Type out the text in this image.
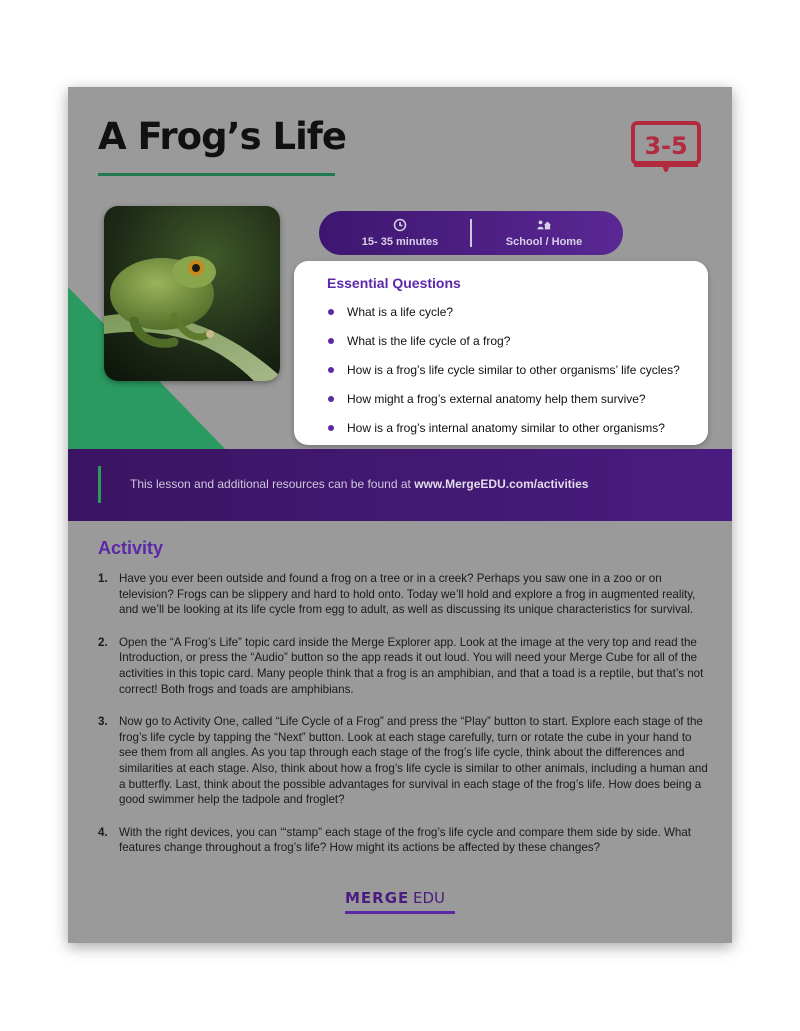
A Frog’s Life	3-5
15- 35 minutes	School / Home
Essential Questions
What is a life cycle?
What is the life cycle of a frog?
How is a frog’s life cycle similar to other organisms’ life cycles?
How might a frog’s external anatomy help them survive?
How is a frog’s internal anatomy similar to other organisms?
This lesson and additional resources can be found at www.MergeEDU.com/activities
Activity
1. Have you ever been outside and found a frog on a tree or in a creek? Perhaps you saw one in a zoo or on television? Frogs can be slippery and hard to hold onto. Today we’ll hold and explore a frog in augmented reality, and we’ll be looking at its life cycle from egg to adult, as well as discussing its unique characteristics for survival.
2. Open the “A Frog’s Life” topic card inside the Merge Explorer app. Look at the image at the very top and read the Introduction, or press the “Audio” button so the app reads it out loud. You will need your Merge Cube for all of the activities in this topic card. Many people think that a frog is an amphibian, and that a toad is a reptile, but that’s not correct! Both frogs and toads are amphibians.
3. Now go to Activity One, called “Life Cycle of a Frog” and press the “Play” button to start. Explore each stage of the frog’s life cycle by tapping the “Next” button. Look at each stage carefully, turn or rotate the cube in your hand to see them from all angles. As you tap through each stage of the frog’s life cycle, think about the differences and similarities at each stage. Also, think about how a frog’s life cycle is similar to other animals, including a human and a butterfly. Last, think about the possible advantages for survival in each stage of the frog’s life. How does being a good swimmer help the tadpole and froglet?
4. With the right devices, you can ‘“stamp” each stage of the frog’s life cycle and compare them side by side. What features change throughout a frog’s life? How might its actions be affected by these changes?
MERGE EDU
